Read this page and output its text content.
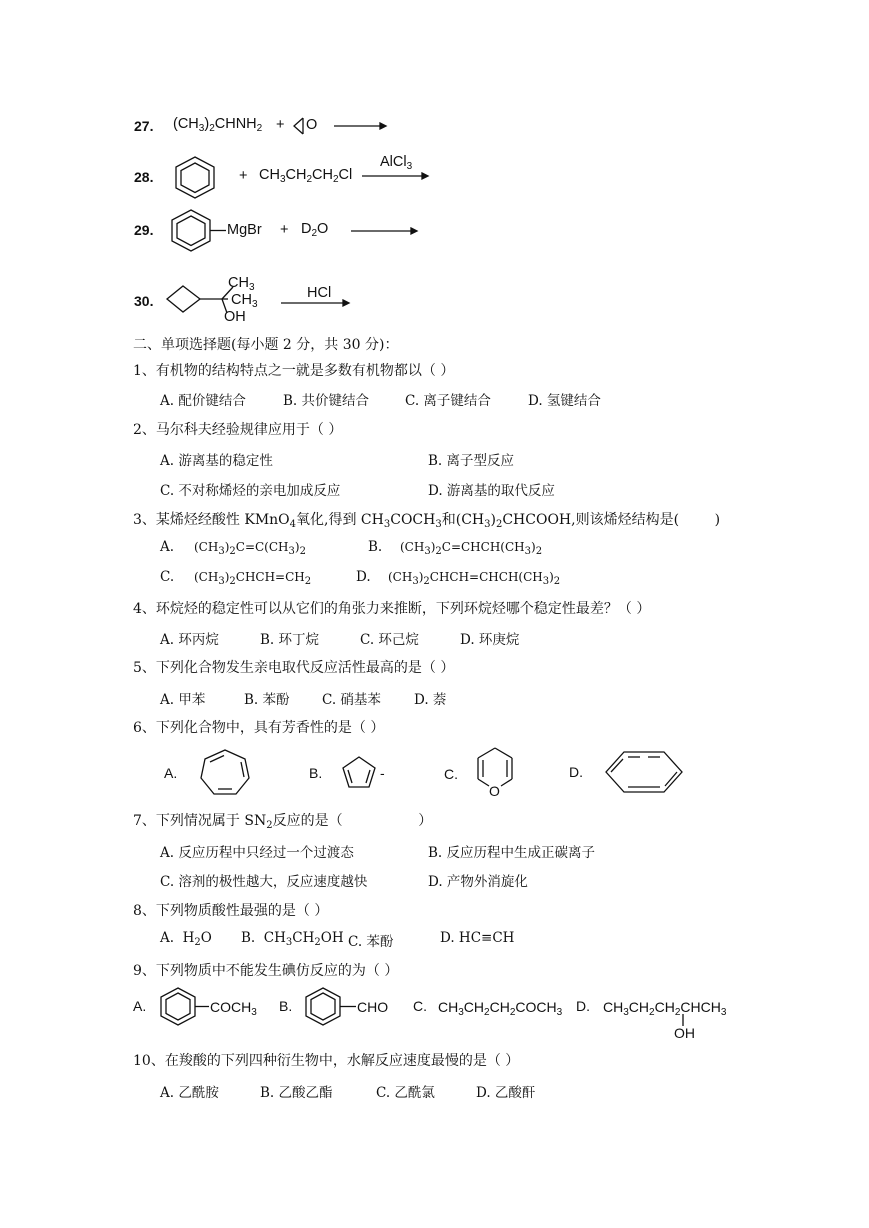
27. $(CH_3)_2CHNH_2 + O$ →
28.	+ $CH_3CH_2CH_2Cl$
AlCl$_3$
29.	MgBr + $D_2O$
30.
$CH_3$
$CH_3$
OH
HCl
二、单项选择题(每小题 2 分，共 30 分)：
1、有机物的结构特点之一就是多数有机物都以（ ）
A. 配价键结合	B. 共价键结合	C. 离子键结合	D. 氢键结合
2、马尔科夫经验规律应用于（ ）
A. 游离基的稳定性	B. 离子型反应
C. 不对称烯烃的亲电加成反应	D. 游离基的取代反应
3、某烯烃经酸性 KMnO$_4$氧化,得到 $CH_3COCH_3$和$(CH_3)_2CHCOOH$,则该烯烃结构是(        )
A. $(CH_3)_2C=C(CH_3)_2$	B. $(CH_3)_2C=CHCH(CH_3)_2$
C. $(CH_3)_2CHCH=CH_2$	D. $(CH_3)_2CHCH=CHCH(CH_3)_2$
4、环烷烃的稳定性可以从它们的角张力来推断，下列环烷烃哪个稳定性最差？（ ）
A. 环丙烷	B. 环丁烷	C. 环己烷	D. 环庚烷
5、下列化合物发生亲电取代反应活性最高的是（ ）
A. 甲苯	B. 苯酚 C. 硝基苯 D. 萘
6、下列化合物中，具有芳香性的是（ ）
A.	B.	-	C.
O
D.
7、下列情况属于 $SN_2$反应的是（                 ）
A. 反应历程中只经过一个过渡态	B. 反应历程中生成正碳离子
C. 溶剂的极性越大，反应速度越快	D. 产物外消旋化
8、下列物质酸性最强的是（ ）
A.  $H_2O$ B.  $CH_3CH_2OH$ C. 苯酚	D. HC≡CH
9、下列物质中不能发生碘仿反应的为（ ）
A.	$COCH_3$ B.	CHO C. $CH_3CH_2CH_2COCH_3$ D. $CH_3CH_2CH_2CHCH_3$
OH
10、在羧酸的下列四种衍生物中，水解反应速度最慢的是（ ）
A. 乙酰胺	B. 乙酸乙酯	C. 乙酰氯	D. 乙酸酐
